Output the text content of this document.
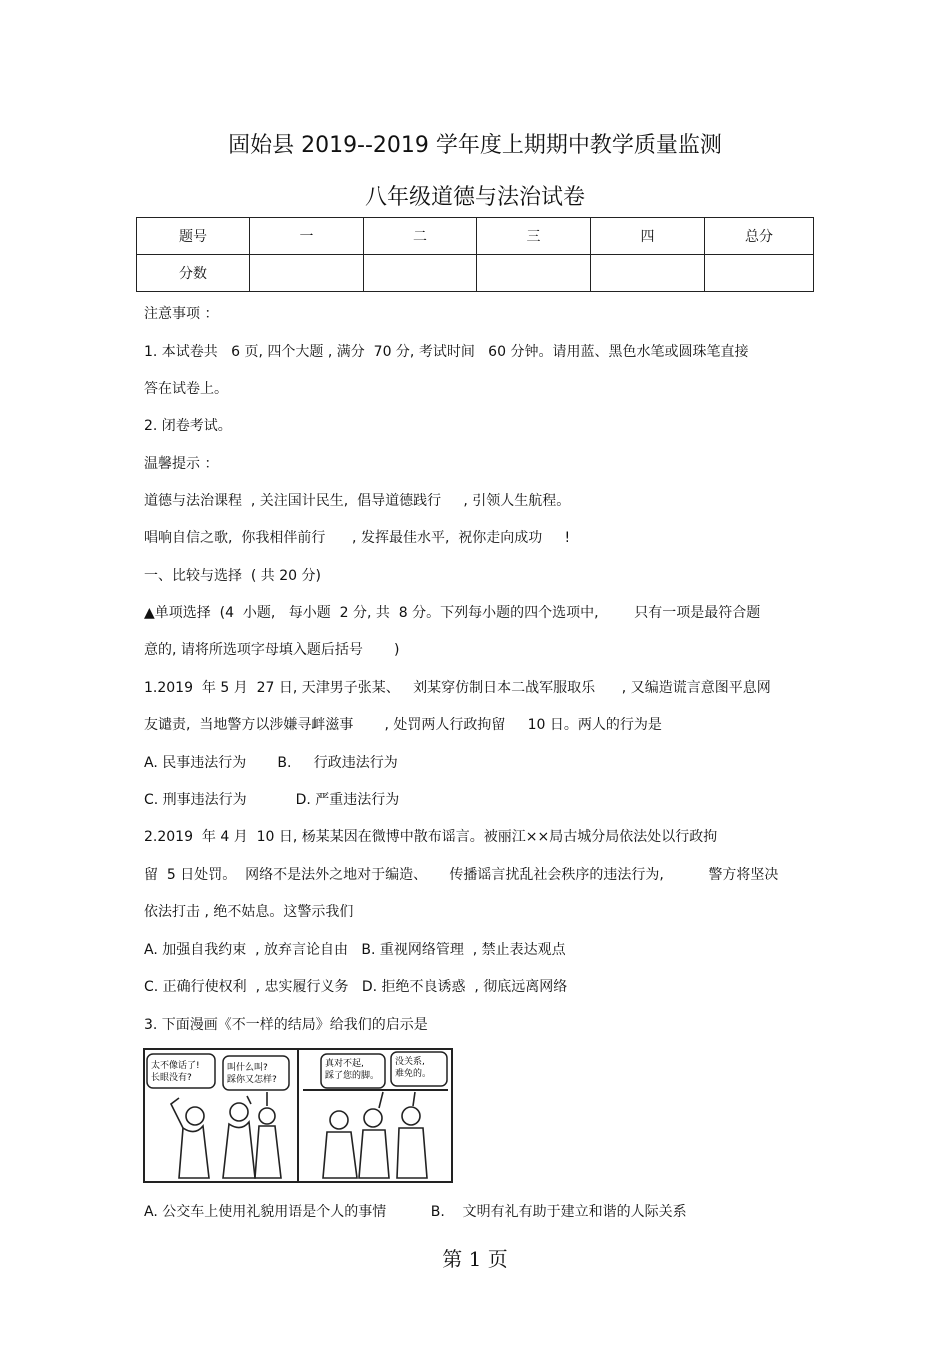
固始县 2019--2019 学年度上期期中教学质量监测
八年级道德与法治试卷
题号	一	二	三	四	总分
分数					
注意事项 ：
1. 本试卷共   6 页, 四个大题 , 满分  70 分, 考试时间   60 分钟。请用蓝、黑色水笔或圆珠笔直接
答在试卷上。
2. 闭卷考试。
温馨提示 ：
道德与法治课程  , 关注国计民生,  倡导道德践行     , 引领人生航程。
唱响自信之歌,  你我相伴前行      , 发挥最佳水平,  祝你走向成功     !
一、比较与选择  ( 共 20 分)
▲单项选择  (4  小题,   每小题  2 分, 共  8 分。下列每小题的四个选项中,        只有一项是最符合题
意的, 请将所选项字母填入题后括号       )
1.2019  年 5 月  27 日, 天津男子张某、   刘某穿仿制日本二战军服取乐      , 又编造谎言意图平息网
友谴责,  当地警方以涉嫌寻衅滋事       , 处罚两人行政拘留     10 日。两人的行为是
A. 民事违法行为       B.     行政违法行为
C. 刑事违法行为           D. 严重违法行为
2.2019  年 4 月  10 日, 杨某某因在微博中散布谣言。被丽江××局古城分局依法处以行政拘
留  5 日处罚。  网络不是法外之地对于编造、     传播谣言扰乱社会秩序的违法行为,          警方将坚决
依法打击 , 绝不姑息。这警示我们
A. 加强自我约束  , 放弃言论自由   B. 重视网络管理  , 禁止表达观点
C. 正确行使权利  , 忠实履行义务   D. 拒绝不良诱惑  , 彻底远离网络
3. 下面漫画《不一样的结局》给我们的启示是
太不像话了!长眼没有?
叫什么叫?踩你又怎样?
真对不起,踩了您的脚。
没关系,难免的。
A. 公交车上使用礼貌用语是个人的事情          B.    文明有礼有助于建立和谐的人际关系
第 1 页
